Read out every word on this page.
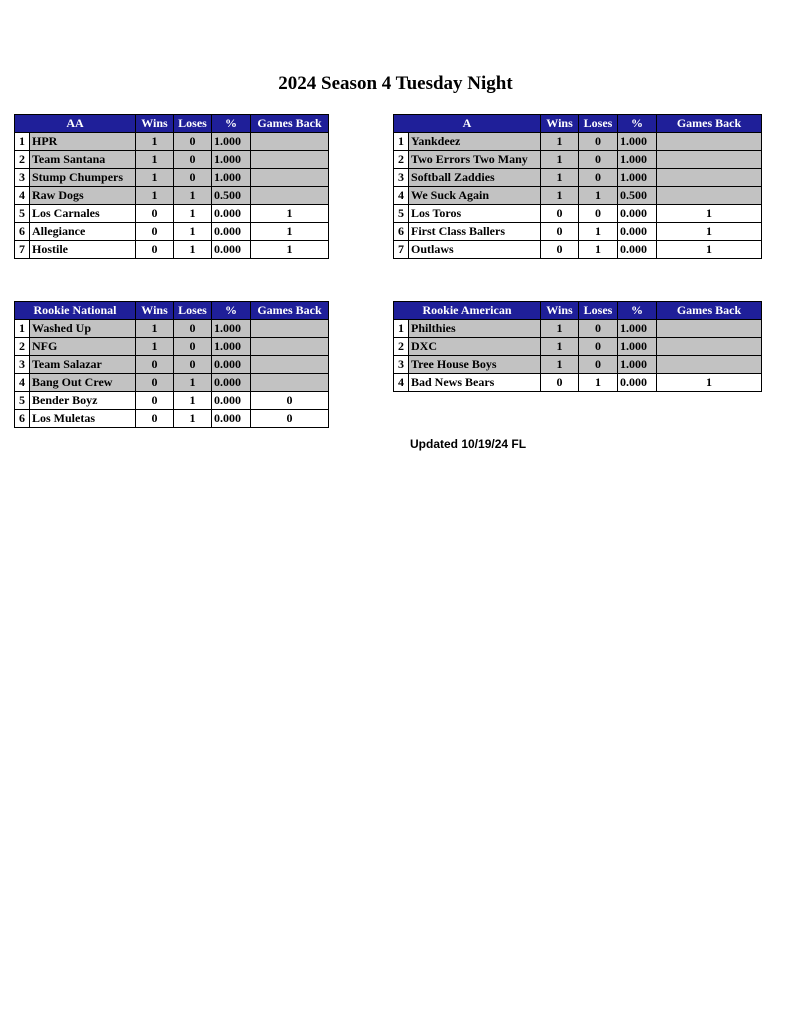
2024 Season 4 Tuesday Night
AA		Wins	Loses	%	Games Back
1	HPR	1	0	1.000	
2	Team Santana	1	0	1.000	
3	Stump Chumpers	1	0	1.000	
4	Raw Dogs	1	1	0.500	
5	Los Carnales	0	1	0.000	1
6	Allegiance	0	1	0.000	1
7	Hostile	0	1	0.000	1
A		Wins	Loses	%	Games Back
1	Yankdeez	1	0	1.000	
2	Two Errors Two Many	1	0	1.000	
3	Softball Zaddies	1	0	1.000	
4	We Suck Again	1	1	0.500	
5	Los Toros	0	0	0.000	1
6	First Class Ballers	0	1	0.000	1
7	Outlaws	0	1	0.000	1
Rookie National		Wins	Loses	%	Games Back
1	Washed Up	1	0	1.000	
2	NFG	1	0	1.000	
3	Team Salazar	0	0	0.000	
4	Bang Out Crew	0	1	0.000	
5	Bender Boyz	0	1	0.000	0
6	Los Muletas	0	1	0.000	0
Rookie American		Wins	Loses	%	Games Back
1	Philthies	1	0	1.000	
2	DXC	1	0	1.000	
3	Tree House Boys	1	0	1.000	
4	Bad News Bears	0	1	0.000	1
Updated 10/19/24 FL
